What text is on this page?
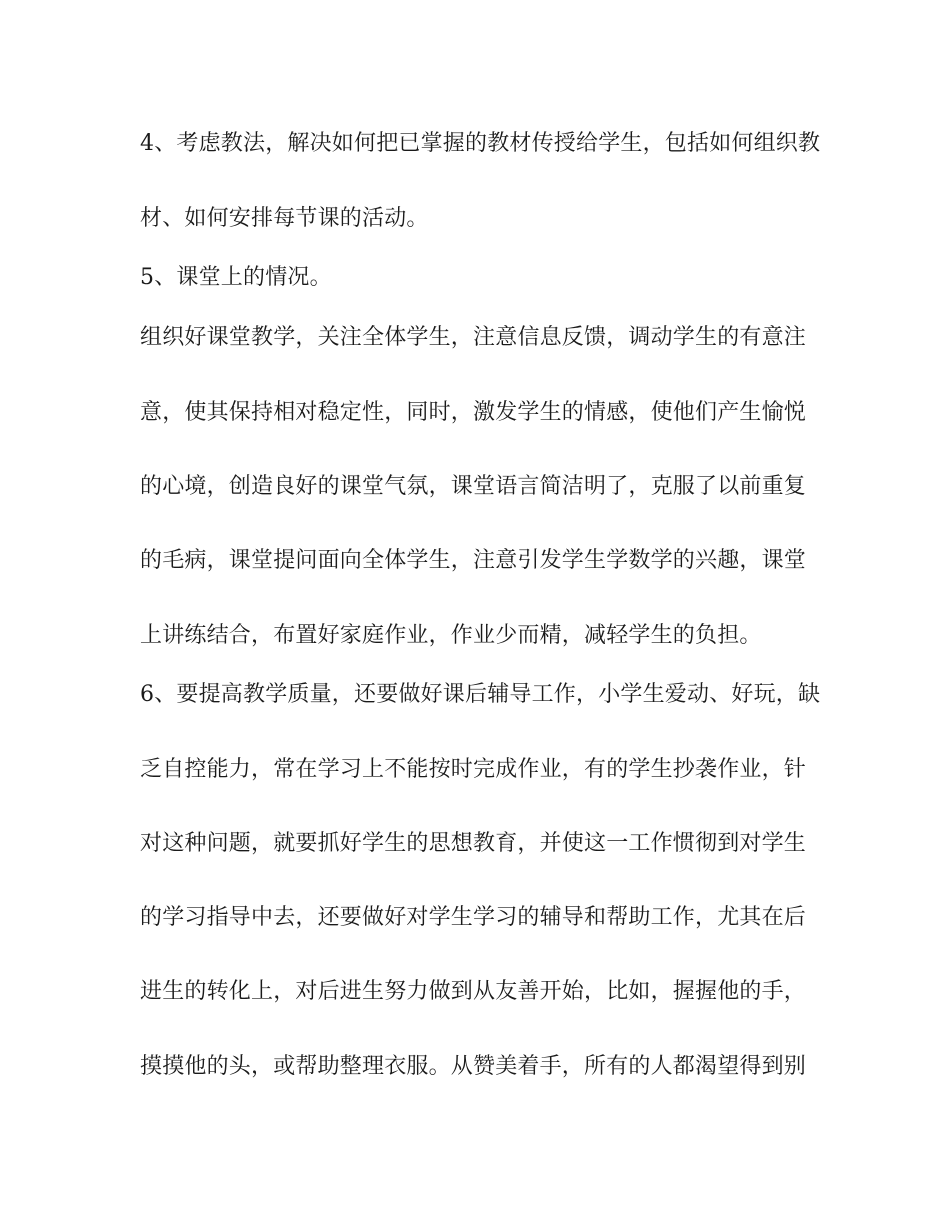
4、考虑教法，解决如何把已掌握的教材传授给学生，包括如何组织教

材、如何安排每节课的活动。

5、课堂上的情况。

组织好课堂教学，关注全体学生，注意信息反馈，调动学生的有意注

意，使其保持相对稳定性，同时，激发学生的情感，使他们产生愉悦

的心境，创造良好的课堂气氛，课堂语言简洁明了，克服了以前重复

的毛病，课堂提问面向全体学生，注意引发学生学数学的兴趣，课堂

上讲练结合，布置好家庭作业，作业少而精，减轻学生的负担。

6、要提高教学质量，还要做好课后辅导工作，小学生爱动、好玩，缺

乏自控能力，常在学习上不能按时完成作业，有的学生抄袭作业，针

对这种问题，就要抓好学生的思想教育，并使这一工作惯彻到对学生

的学习指导中去，还要做好对学生学习的辅导和帮助工作，尤其在后

进生的转化上，对后进生努力做到从友善开始，比如，握握他的手，

摸摸他的头，或帮助整理衣服。从赞美着手，所有的人都渴望得到别
